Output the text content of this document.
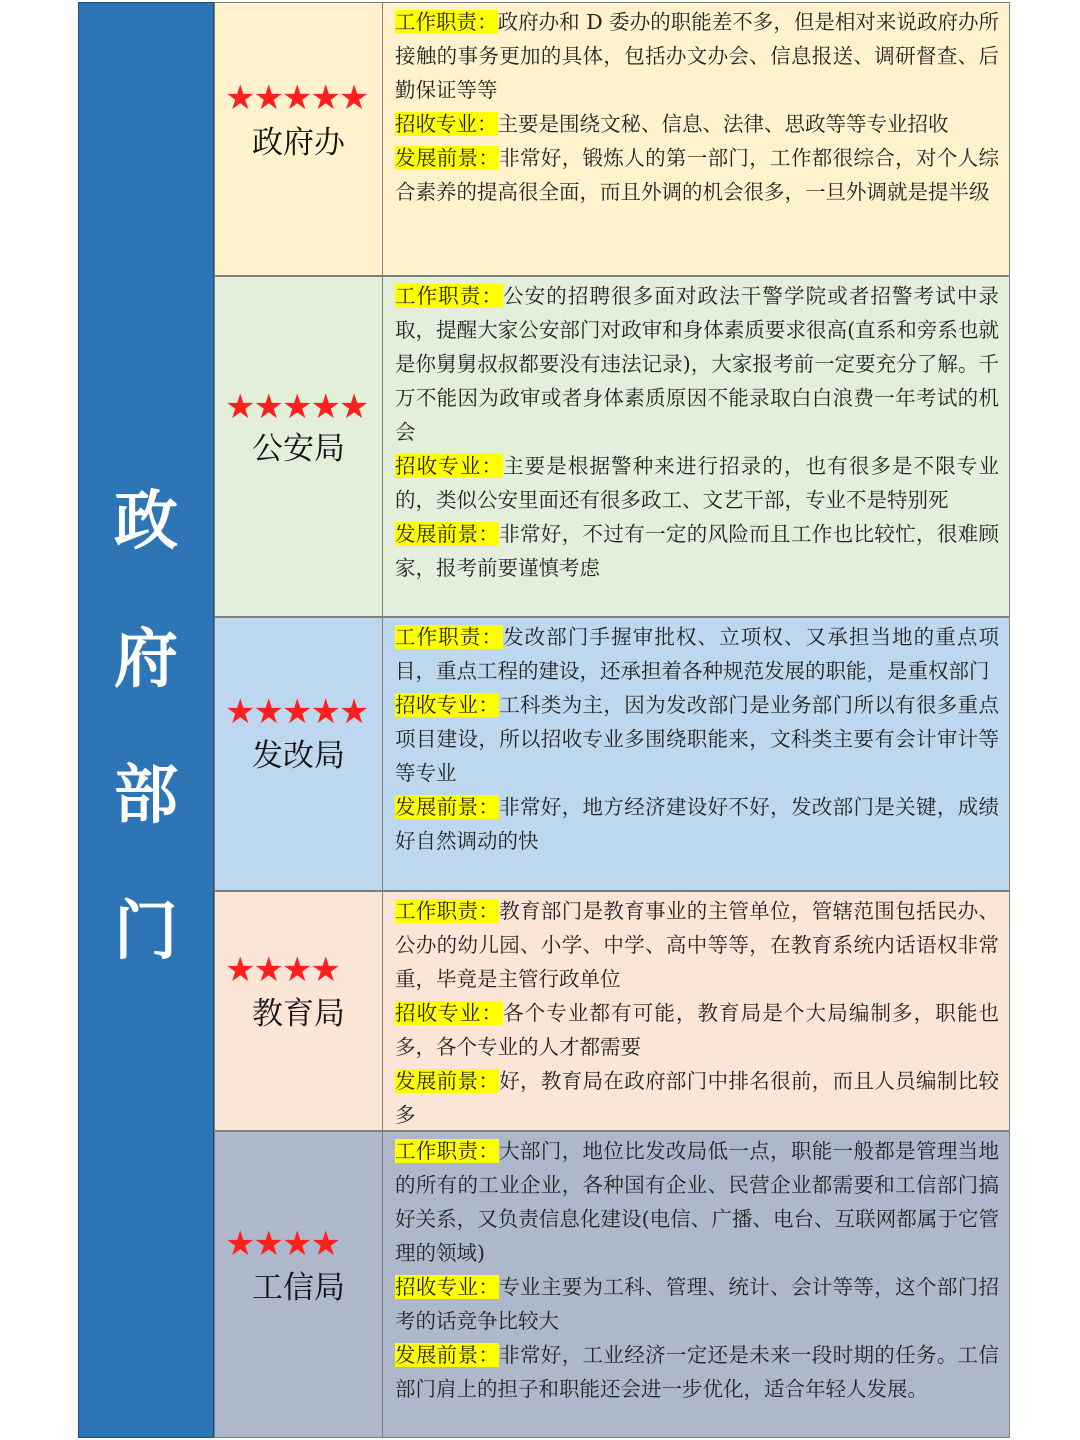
政
府
部
门
★★★★★
政府办

工作职责：政府办和 D 委办的职能差不多，但是相对来说政府办所接触的事务更加的具体，包括办文办会、信息报送、调研督查、后勤保证等等

招收专业：主要是围绕文秘、信息、法律、思政等等专业招收

发展前景：非常好，锻炼人的第一部门，工作都很综合，对个人综合素养的提高很全面，而且外调的机会很多，一旦外调就是提半级

★★★★★
公安局

工作职责：公安的招聘很多面对政法干警学院或者招警考试中录取，提醒大家公安部门对政审和身体素质要求很高(直系和旁系也就是你舅舅叔叔都要没有违法记录)，大家报考前一定要充分了解。千万不能因为政审或者身体素质原因不能录取白白浪费一年考试的机会

招收专业：主要是根据警种来进行招录的，也有很多是不限专业的，类似公安里面还有很多政工、文艺干部，专业不是特别死

发展前景：非常好，不过有一定的风险而且工作也比较忙，很难顾家，报考前要谨慎考虑

★★★★★
发改局

工作职责：发改部门手握审批权、立项权、又承担当地的重点项目，重点工程的建设，还承担着各种规范发展的职能，是重权部门

招收专业：工科类为主，因为发改部门是业务部门所以有很多重点项目建设，所以招收专业多围绕职能来，文科类主要有会计审计等等专业

发展前景：非常好，地方经济建设好不好，发改部门是关键，成绩好自然调动的快

★★★★
教育局

工作职责：教育部门是教育事业的主管单位，管辖范围包括民办、公办的幼儿园、小学、中学、高中等等，在教育系统内话语权非常重，毕竟是主管行政单位

招收专业：各个专业都有可能，教育局是个大局编制多，职能也多，各个专业的人才都需要

发展前景：好，教育局在政府部门中排名很前，而且人员编制比较多

★★★★
工信局

工作职责：大部门，地位比发改局低一点，职能一般都是管理当地的所有的工业企业，各种国有企业、民营企业都需要和工信部门搞好关系，又负责信息化建设(电信、广播、电台、互联网都属于它管理的领域)

招收专业：专业主要为工科、管理、统计、会计等等，这个部门招考的话竞争比较大

发展前景：非常好，工业经济一定还是未来一段时期的任务。工信部门肩上的担子和职能还会进一步优化，适合年轻人发展。
